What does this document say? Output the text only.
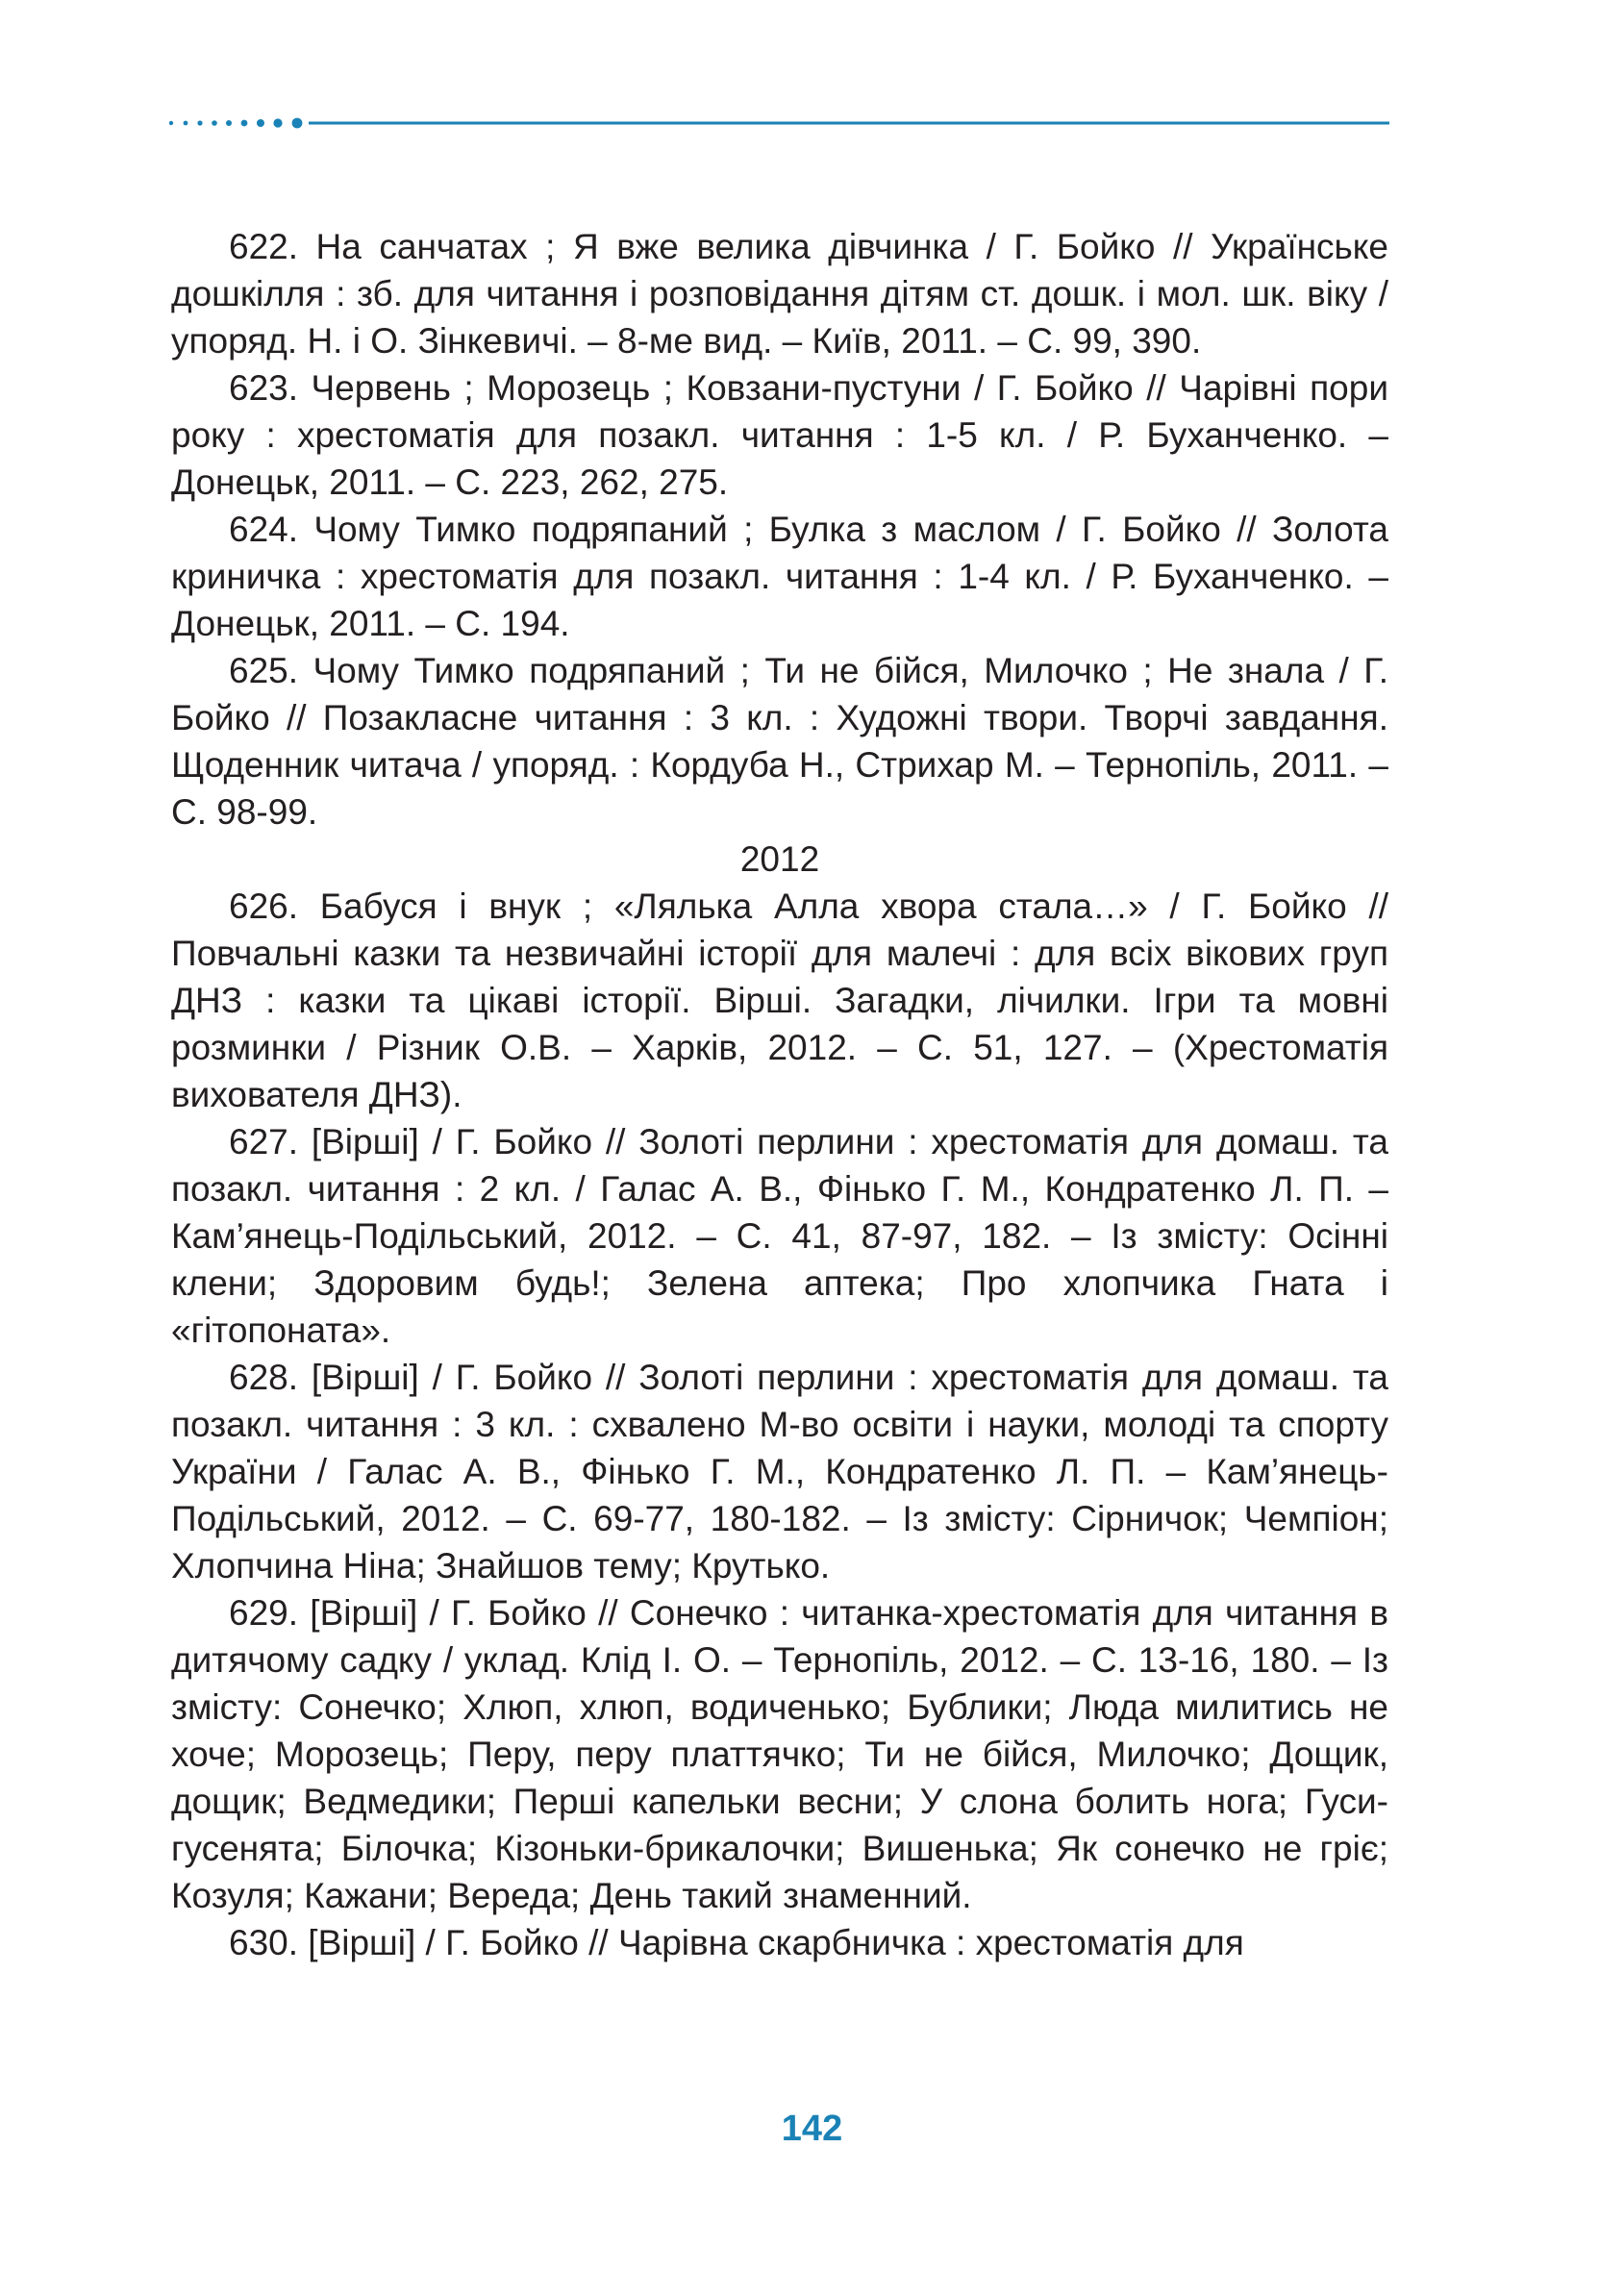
622. На санчатах ; Я вже велика дівчинка / Г. Бойко // Українське дошкілля : зб. для читання і розповідання дітям ст. дошк. і мол. шк. віку / упоряд. Н. і О. Зінкевичі. – 8-ме вид. – Київ, 2011. – С. 99, 390.

623. Червень ; Морозець ; Ковзани-пустуни / Г. Бойко // Чарівні пори року : хрестоматія для позакл. читання : 1-5 кл. / Р. Буханченко. – Донецьк, 2011. – С. 223, 262, 275.

624. Чому Тимко подряпаний ; Булка з маслом / Г. Бойко // Золота криничка : хрестоматія для позакл. читання : 1-4 кл. / Р. Буханченко. – Донецьк, 2011. – С. 194.

625. Чому Тимко подряпаний ; Ти не бійся, Милочко ; Не знала / Г. Бойко // Позакласне читання : 3 кл. : Художні твори. Творчі завдання. Щоденник читача / упоряд. : Кордуба Н., Стрихар М. – Тернопіль, 2011. – С. 98-99.

2012

626. Бабуся і внук ; «Лялька Алла хвора стала…» / Г. Бойко // Повчальні казки та незвичайні історії для малечі : для всіх вікових груп ДНЗ : казки та цікаві історії. Вірші. Загадки, лічилки. Ігри та мовні розминки / Різник О.В. – Харків, 2012. – С. 51, 127. – (Хрестоматія вихователя ДНЗ).

627. [Вірші] / Г. Бойко // Золоті перлини : хрестоматія для домаш. та позакл. читання : 2 кл. / Галас А. В., Фінько Г. М., Кондратенко Л. П. – Кам’янець-Подільський, 2012. – С. 41, 87-97, 182. – Із змісту: Осінні клени; Здоровим будь!; Зелена аптека; Про хлопчика Гната і «гітопоната».

628. [Вірші] / Г. Бойко // Золоті перлини : хрестоматія для домаш. та позакл. читання : 3 кл. : схвалено М-во освіти і науки, молоді та спорту України / Галас А. В., Фінько Г. М., Кондратенко Л. П. – Кам’янець-Подільський, 2012. – С. 69-77, 180-182. – Із змісту: Сірничок; Чемпіон; Хлопчина Ніна; Знайшов тему; Крутько.

629. [Вірші] / Г. Бойко // Сонечко : читанка-хрестоматія для читання в дитячому садку / уклад. Клід І. О. – Тернопіль, 2012. – С. 13-16, 180. – Із змісту: Сонечко; Хлюп, хлюп, водиченько; Бублики; Люда милитись не хоче; Морозець; Перу, перу платтячко; Ти не бійся, Милочко; Дощик, дощик; Ведмедики; Перші капельки весни; У слона болить нога; Гуси-гусенята; Білочка; Кізоньки-брикалочки; Вишенька; Як сонечко не гріє; Козуля; Кажани; Вереда; День такий знаменний.

630. [Вірші] / Г. Бойко // Чарівна скарбничка : хрестоматія для

142
